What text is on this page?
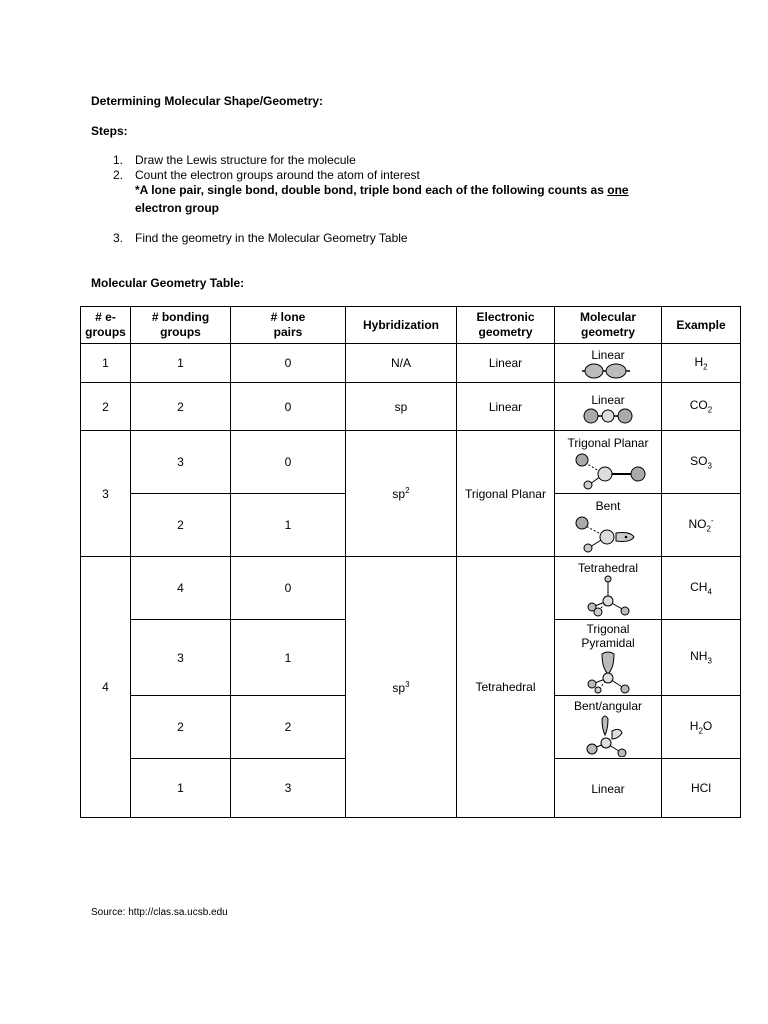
Determining Molecular Shape/Geometry:
Steps:
1. Draw the Lewis structure for the molecule
2. Count the electron groups around the atom of interest
*A lone pair, single bond, double bond, triple bond each of the following counts as one
electron group
3. Find the geometry in the Molecular Geometry Table
Molecular Geometry Table:
# e-
groups	# bonding
groups	# lone
pairs	Hybridization	Electronic
geometry	Molecular
geometry	Example
1	1	0	N/A	Linear	Linear	$H_2$
2	2	0	sp	Linear	Linear	$CO_2$
3	3	0	$sp^2$	Trigonal Planar	Trigonal Planar	$SO_3$
	2	1			Bent	$NO_2^-$
4	4	0	$sp^3$	Tetrahedral	Tetrahedral	$CH_4$
	3	1			Trigonal
Pyramidal	$NH_3$
	2	2			Bent/angular	$H_2O$
	1	3			Linear	HCl
Source: http://clas.sa.ucsb.edu
